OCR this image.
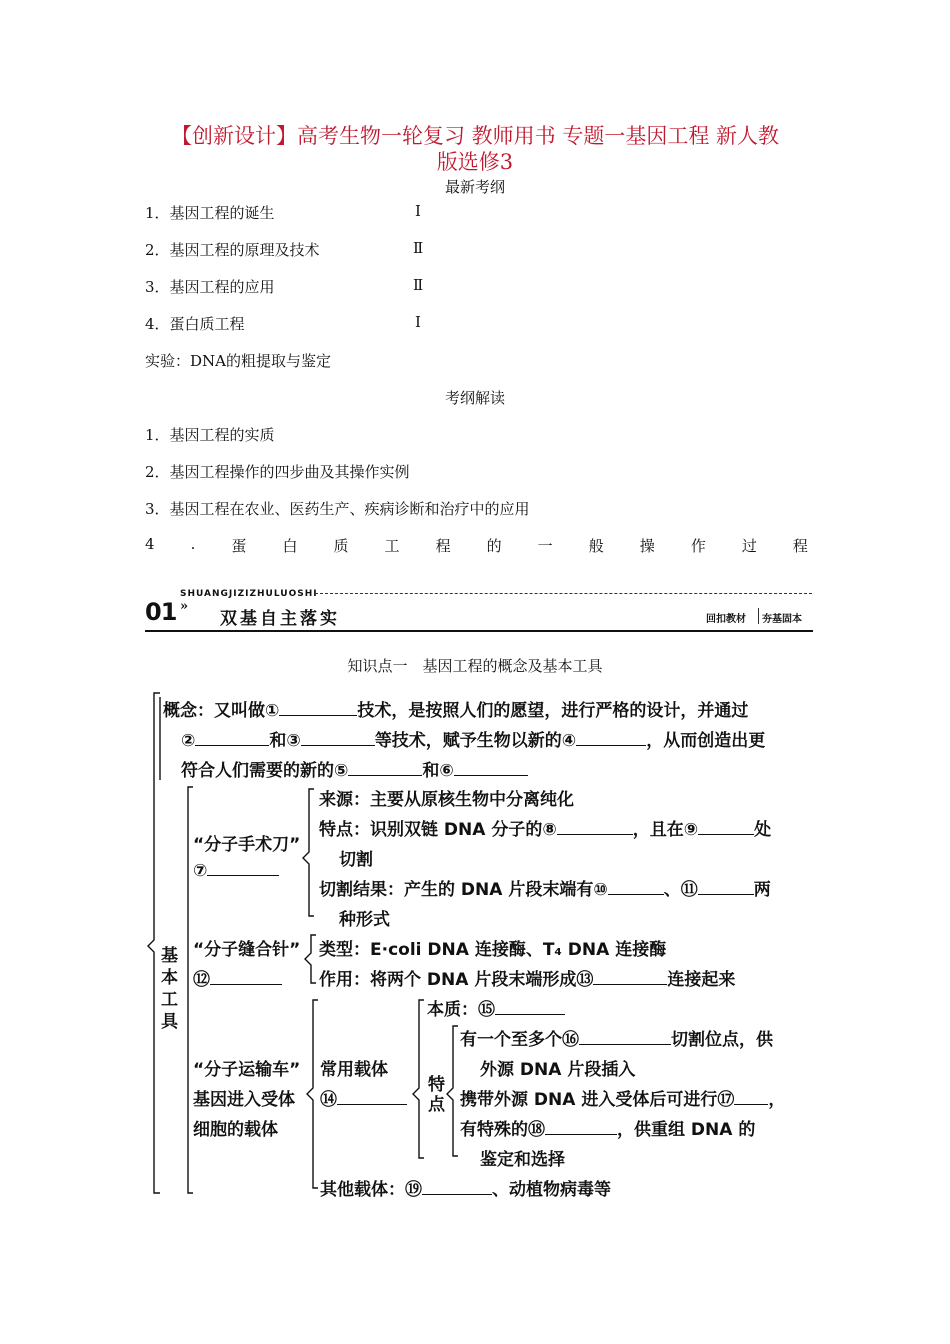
【创新设计】高考生物一轮复习 教师用书 专题一基因工程 新人教
版选修3
最新考纲
1．基因工程的诞生	Ⅰ
2．基因工程的原理及技术	Ⅱ
3．基因工程的应用	Ⅱ
4．蛋白质工程	Ⅰ
实验：DNA的粗提取与鉴定
考纲解读
1．基因工程的实质
2．基因工程操作的四步曲及其操作实例
3．基因工程在农业、医药生产、疾病诊断和治疗中的应用
4 . 蛋 白 质 工 程 的 一 般 操 作 过 程
SHUANGJIZIZHULUOSHI
01 »
双基自主落实	回扣教材 夯基固本
知识点一　基因工程的概念及基本工具
概念：又叫做①	技术，是按照人们的愿望，进行严格的设计，并通过
②	和③	等技术，赋予生物以新的④	，从而创造出更
符合人们需要的新的⑤	和⑥
基本工具
“分子手术刀”
⑦
来源：主要从原核生物中分离纯化
特点：识别双链 DNA 分子的⑧	，且在⑨	处
切割
切割结果：产生的 DNA 片段末端有⑩	、⑪	两
种形式
“分子缝合针”
⑫
类型：E·coli DNA 连接酶、T₄ DNA 连接酶
作用：将两个 DNA 片段末端形成⑬	连接起来
“分子运输车”
基因进入受体
细胞的载体
常用载体
⑭
本质：⑮
特点
有一个至多个⑯	切割位点，供
外源 DNA 片段插入
携带外源 DNA 进入受体后可进行⑰ ，
有特殊的⑱	，供重组 DNA 的
鉴定和选择
其他载体：⑲	、动植物病毒等
